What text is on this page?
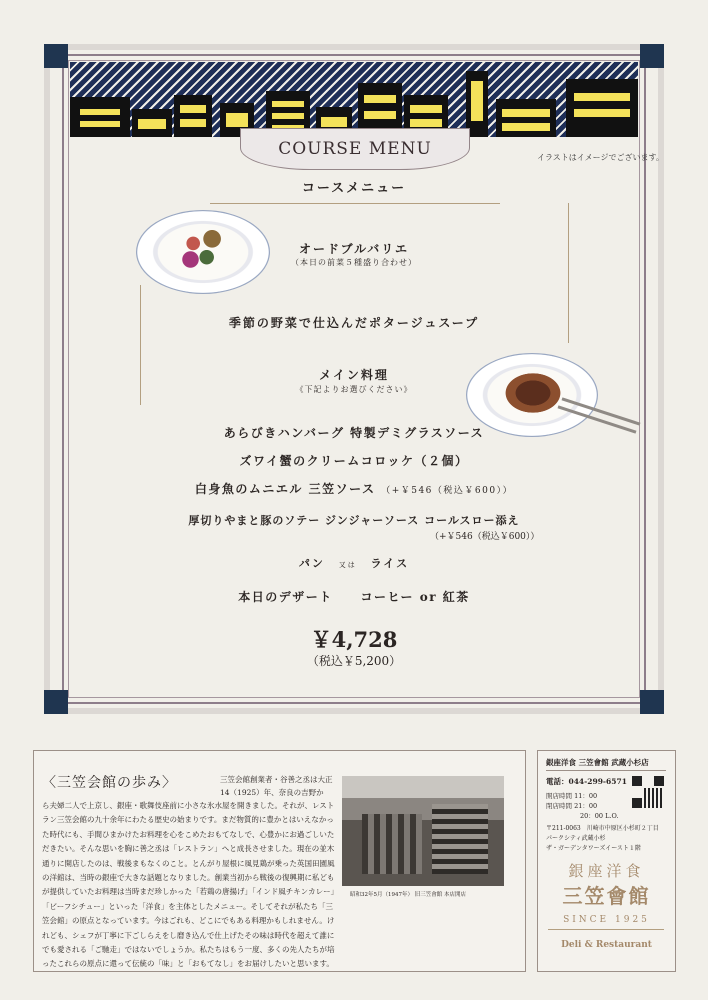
COURSE MENU	イラストはイメージでございます。
コースメニュー
オードブルバリエ
（本日の前菜５種盛り合わせ）
季節の野菜で仕込んだポタージュスープ
メイン料理
《下記よりお選びください》
あらびきハンバーグ 特製デミグラスソース
ズワイ蟹のクリームコロッケ（２個）
白身魚のムニエル 三笠ソース （+￥546（税込￥600））
厚切りやまと豚のソテー ジンジャーソース コールスロー添え
（+￥546（税込￥600））
パン 又は ライス
本日のデザート コーヒー or 紅茶
￥4,728
（税込￥5,200）
〈三笠会館の歩み〉	三笠会館創業者・谷善之丞は大正14（1925）年、奈良の吉野か
昭和32年5月（1947年） 旧三笠會館 本店開店
ら夫婦二人で上京し、銀座・歌舞伎座前に小さな氷水屋を開きました。それが、レストラン三笠会館の九十余年にわたる歴史の始まりです。まだ物質的に豊かとはいえなかった時代にも、手間ひまかけたお料理を心をこめたおもてなしで、心豊かにお過ごしいただきたい。そんな思いを胸に善之丞は「レストラン」へと成長させました。現在の並木通りに開店したのは、戦後まもなくのこと。とんがり屋根に風見鶏が乗った英国田園風の洋館は、当時の銀座で大きな話題となりました。創業当初から戦後の復興期に私どもが提供していたお料理は当時まだ珍しかった「若鶏の唐揚げ」「インド風チキンカレー」「ビーフシチュー」といった「洋食」を主体としたメニュー。そしてそれが私たち「三笠会館」の原点となっています。今はごれも、どこにでもある料理かもしれません。けれども、シェフが丁寧に下ごしらえをし磨き込んで仕上げたその味は時代を超えて誰にでも愛される「ご馳走」ではないでしょうか。私たちはもう一度、多くの先人たちが培ったこれらの原点に還って伝統の「味」と「おもてなし」をお届けしたいと思います。
銀座洋食 三笠會館 武蔵小杉店
電話：044-299-6571
開店時間 11：00
閉店時間 21：00
20：00 L.O.
〒211-0063　川崎市中原区小杉町２丁目
パークシティ武蔵小杉
ザ・ガーデンタワーズイースト１階
銀座洋食
三笠會館
SINCE 1925
Deli & Restaurant
